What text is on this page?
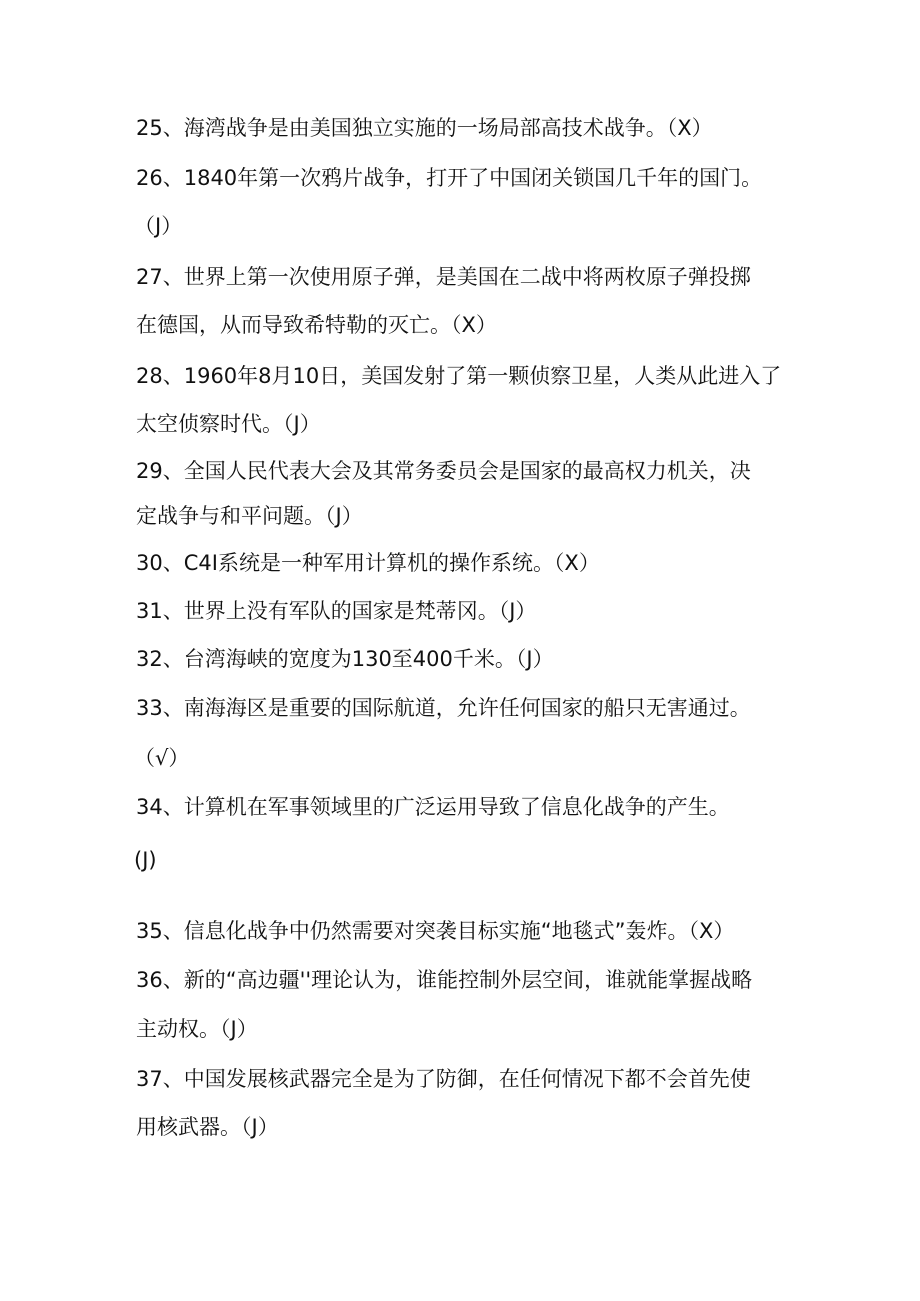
25、海湾战争是由美国独立实施的一场局部高技术战争。（X）
26、1840年第一次鸦片战争，打开了中国闭关锁国几千年的国门。
（J）
27、世界上第一次使用原子弹，是美国在二战中将两枚原子弹投掷
在德国，从而导致希特勒的灭亡。（X）
28、1960年8月10日，美国发射了第一颗侦察卫星，人类从此进入了
太空侦察时代。（J）
29、全国人民代表大会及其常务委员会是国家的最高权力机关，决
定战争与和平问题。（J）
30、C4I系统是一种军用计算机的操作系统。（X）
31、世界上没有军队的国家是梵蒂冈。（J）
32、台湾海峡的宽度为130至400千米。（J）
33、南海海区是重要的国际航道，允许任何国家的船只无害通过。
（√）
34、计算机在军事领域里的广泛运用导致了信息化战争的产生。
(J)
35、信息化战争中仍然需要对突袭目标实施“地毯式”轰炸。（X）
36、新的“高边疆''理论认为，谁能控制外层空间，谁就能掌握战略
主动权。（J）
37、中国发展核武器完全是为了防御，在任何情况下都不会首先使
用核武器。（J）
